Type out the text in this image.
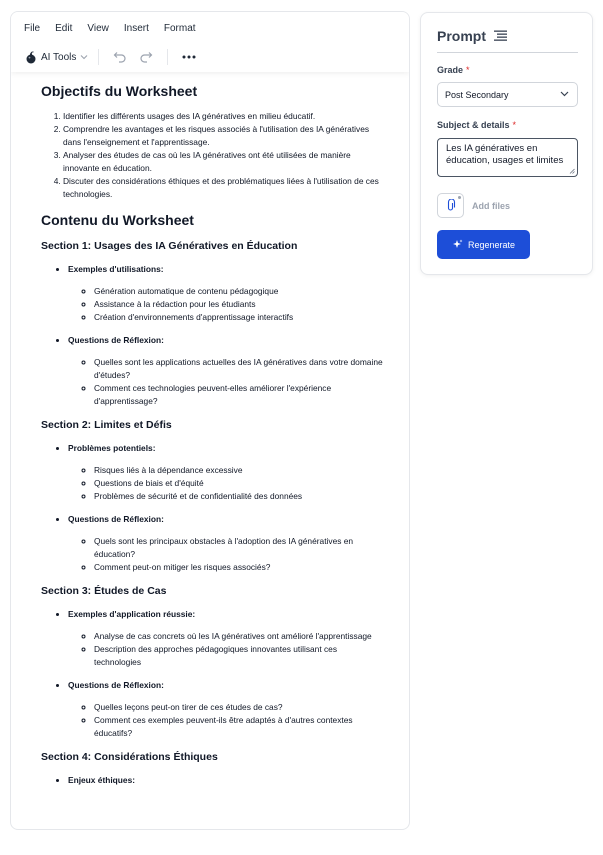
File Edit View Insert Format
AI Tools
Objectifs du Worksheet
1. Identifier les différents usages des IA génératives en milieu éducatif.
2. Comprendre les avantages et les risques associés à l'utilisation des IA génératives dans l'enseignement et l'apprentissage.
3. Analyser des études de cas où les IA génératives ont été utilisées de manière innovante en éducation.
4. Discuter des considérations éthiques et des problématiques liées à l'utilisation de ces technologies.
Contenu du Worksheet
Section 1: Usages des IA Génératives en Éducation
• Exemples d'utilisations:
◦ Génération automatique de contenu pédagogique
◦ Assistance à la rédaction pour les étudiants
◦ Création d'environnements d'apprentissage interactifs
• Questions de Réflexion:
◦ Quelles sont les applications actuelles des IA génératives dans votre domaine d'études?
◦ Comment ces technologies peuvent-elles améliorer l'expérience d'apprentissage?
Section 2: Limites et Défis
• Problèmes potentiels:
◦ Risques liés à la dépendance excessive
◦ Questions de biais et d'équité
◦ Problèmes de sécurité et de confidentialité des données
• Questions de Réflexion:
◦ Quels sont les principaux obstacles à l'adoption des IA génératives en éducation?
◦ Comment peut-on mitiger les risques associés?
Section 3: Études de Cas
• Exemples d'application réussie:
◦ Analyse de cas concrets où les IA génératives ont amélioré l'apprentissage
◦ Description des approches pédagogiques innovantes utilisant ces technologies
• Questions de Réflexion:
◦ Quelles leçons peut-on tirer de ces études de cas?
◦ Comment ces exemples peuvent-ils être adaptés à d'autres contextes éducatifs?
Section 4: Considérations Éthiques
• Enjeux éthiques:
Prompt
Grade *
Post Secondary
Subject & details *
Les IA génératives en éducation, usages et limites
Add files
Regenerate
